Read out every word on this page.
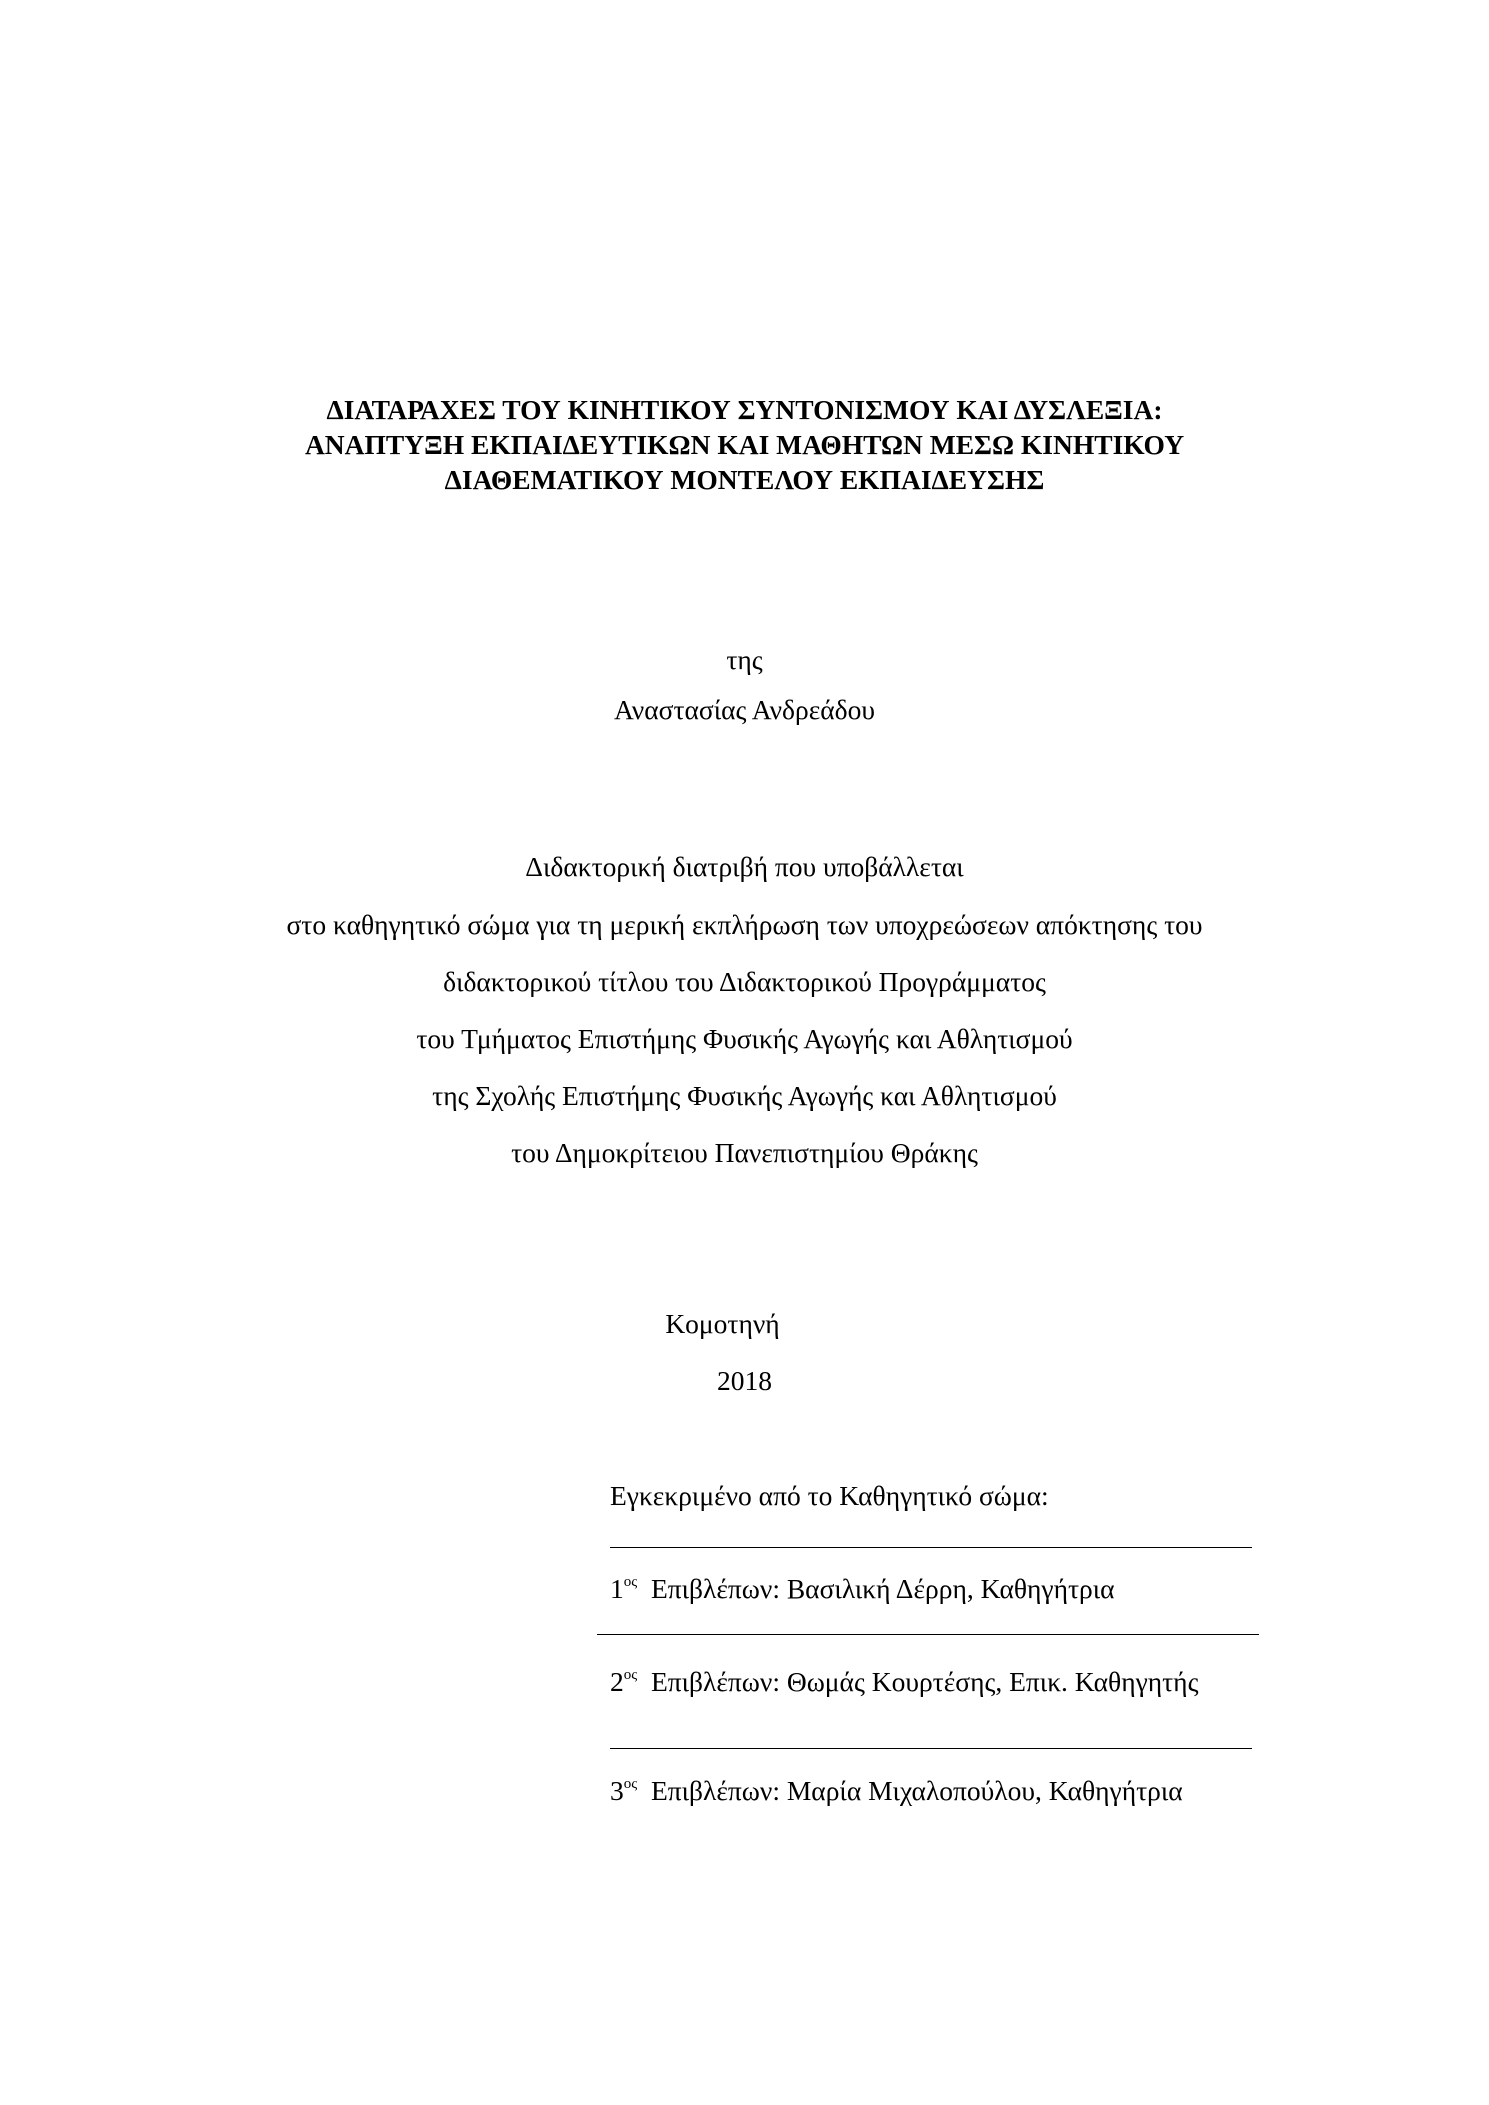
ΔΙΑΤΑΡΑΧΕΣ ΤΟΥ ΚΙΝΗΤΙΚΟΥ ΣΥΝΤΟΝΙΣΜΟΥ ΚΑΙ ΔΥΣΛΕΞΙΑ:
ΑΝΑΠΤΥΞΗ ΕΚΠΑΙΔΕΥΤΙΚΩΝ ΚΑΙ ΜΑΘΗΤΩΝ ΜΕΣΩ ΚΙΝΗΤΙΚΟΥ
ΔΙΑΘΕΜΑΤΙΚΟΥ ΜΟΝΤΕΛΟΥ ΕΚΠΑΙΔΕΥΣΗΣ
της
Αναστασίας Ανδρεάδου
Διδακτορική διατριβή που υποβάλλεται
στο καθηγητικό σώμα για τη μερική εκπλήρωση των υποχρεώσεων απόκτησης του
διδακτορικού τίτλου του Διδακτορικού Προγράμματος
του Τμήματος Επιστήμης Φυσικής Αγωγής και Αθλητισμού
της Σχολής Επιστήμης Φυσικής Αγωγής και Αθλητισμού
του Δημοκρίτειου Πανεπιστημίου Θράκης
Κομοτηνή
2018
Εγκεκριμένο από το Καθηγητικό σώμα:
$1^{o\varsigma}$ Επιβλέπων: Βασιλική Δέρρη, Καθηγήτρια
$2^{o\varsigma}$ Επιβλέπων: Θωμάς Κουρτέσης, Επικ. Καθηγητής
$3^{o\varsigma}$ Επιβλέπων: Μαρία Μιχαλοπούλου, Καθηγήτρια
